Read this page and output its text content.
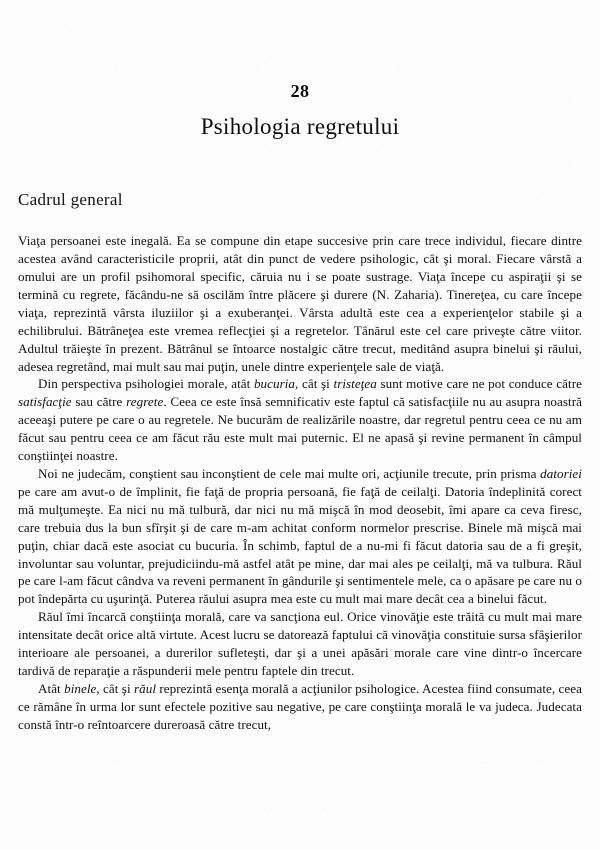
28
Psihologia regretului
Cadrul general

Viaţa persoanei este inegală. Ea se compune din etape succesive prin care trece individul, fiecare dintre acestea având caracteristicile proprii, atât din punct de vedere psihologic, cât şi moral. Fiecare vârstă a omului are un profil psihomoral specific, căruia nu i se poate sustrage. Viaţa începe cu aspiraţii şi se termină cu regrete, făcându-ne să oscilăm între plăcere şi durere (N. Zaharia). Tinereţea, cu care începe viaţa, reprezintă vârsta iluziilor şi a exuberanţei. Vârsta adultă este cea a experienţelor stabile şi a echilibrului. Bătrâneţea este vremea reflecţiei şi a regretelor. Tânărul este cel care priveşte către viitor. Adultul trăieşte în prezent. Bătrânul se întoarce nostalgic către trecut, meditând asupra binelui şi răului, adesea regretând, mai mult sau mai puţin, unele dintre experienţele sale de viaţă.

Din perspectiva psihologiei morale, atât bucuria, cât şi tristeţea sunt motive care ne pot conduce către satisfacţie sau către regrete. Ceea ce este însă semnificativ este faptul că satisfacţiile nu au asupra noastră aceeaşi putere pe care o au regretele. Ne bucurăm de realizările noastre, dar regretul pentru ceea ce nu am făcut sau pentru ceea ce am făcut rău este mult mai puternic. El ne apasă şi revine permanent în câmpul conştiinţei noastre.

Noi ne judecăm, conştient sau inconştient de cele mai multe ori, acţiunile trecute, prin prisma datoriei pe care am avut-o de împlinit, fie faţă de propria persoană, fie faţă de ceilalţi. Datoria îndeplinită corect mă mulţumeşte. Ea nici nu mă tulbură, dar nici nu mă mişcă în mod deosebit, îmi apare ca ceva firesc, care trebuia dus la bun sfîrşit şi de care m-am achitat conform normelor prescrise. Binele mă mişcă mai puţin, chiar dacă este asociat cu bucuria. În schimb, faptul de a nu-mi fi făcut datoria sau de a fi greşit, involuntar sau voluntar, prejudiciindu-mă astfel atât pe mine, dar mai ales pe ceilalţi, mă va tulbura. Răul pe care l-am făcut cândva va reveni permanent în gândurile şi sentimentele mele, ca o apăsare pe care nu o pot îndepărta cu uşurinţă. Puterea răului asupra mea este cu mult mai mare decât cea a binelui făcut.

Răul îmi încarcă conştiinţa morală, care va sancţiona eul. Orice vinovăţie este trăită cu mult mai mare intensitate decât orice altă virtute. Acest lucru se datorează faptului că vinovăţia constituie sursa sfâşierilor interioare ale persoanei, a durerilor sufleteşti, dar şi a unei apăsări morale care vine dintr-o încercare tardivă de reparaţie a răspunderii mele pentru faptele din trecut.

Atât binele, cât şi răul reprezintă esenţa morală a acţiunilor psihologice. Acestea fiind consumate, ceea ce rămâne în urma lor sunt efectele pozitive sau negative, pe care conştiinţa morală le va judeca. Judecata constă într-o reîntoarcere dureroasă către trecut,
